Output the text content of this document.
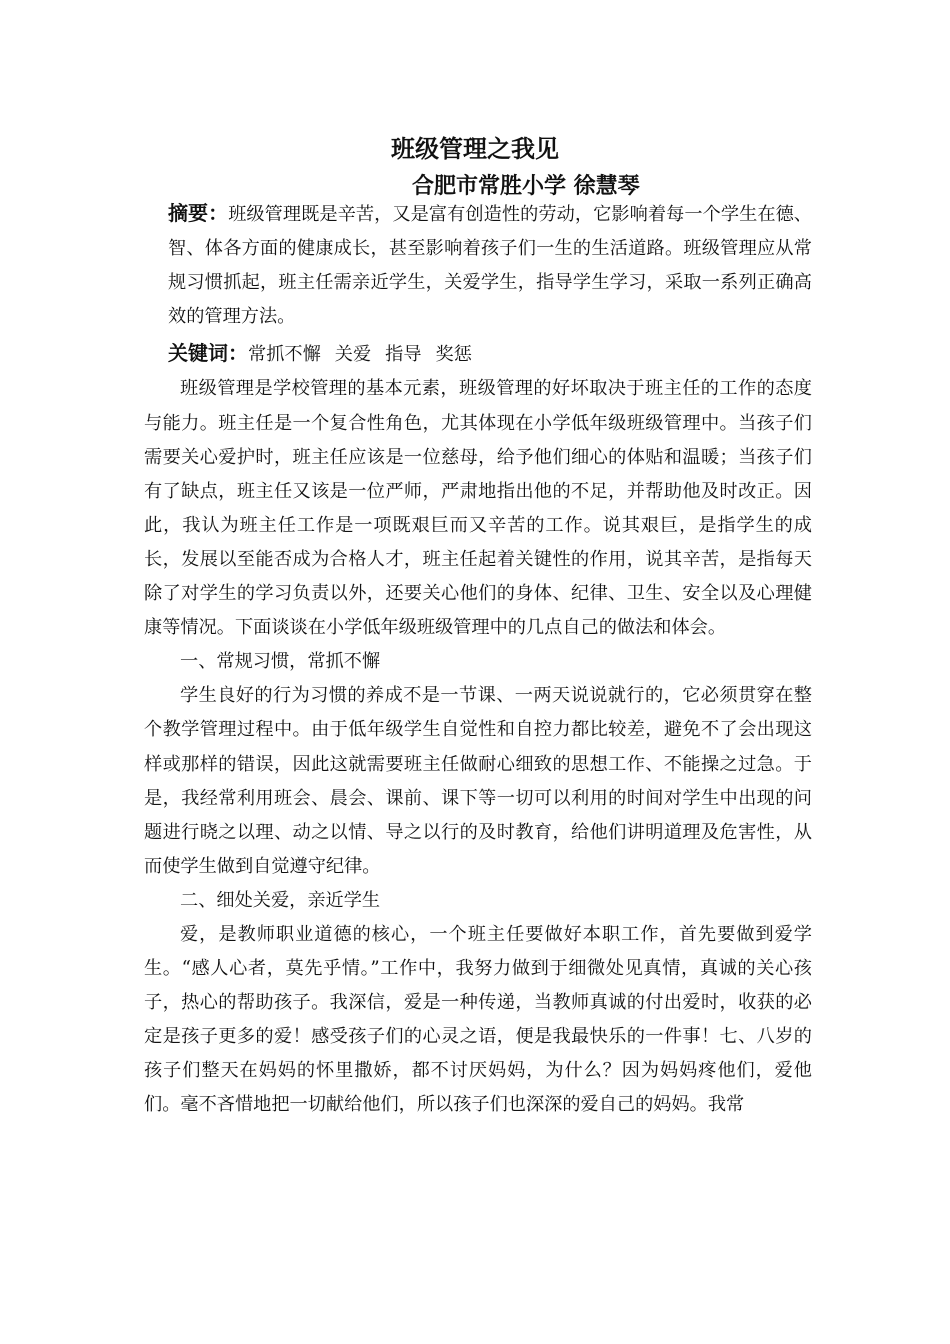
班级管理之我见
合肥市常胜小学 徐慧琴

摘要：班级管理既是辛苦，又是富有创造性的劳动，它影响着每一个学生在德、智、体各方面的健康成长，甚至影响着孩子们一生的生活道路。班级管理应从常规习惯抓起，班主任需亲近学生，关爱学生，指导学生学习，采取一系列正确高效的管理方法。

关键词：常抓不懈 关爱 指导 奖惩

班级管理是学校管理的基本元素，班级管理的好坏取决于班主任的工作的态度与能力。班主任是一个复合性角色，尤其体现在小学低年级班级管理中。当孩子们需要关心爱护时，班主任应该是一位慈母，给予他们细心的体贴和温暖；当孩子们有了缺点，班主任又该是一位严师，严肃地指出他的不足，并帮助他及时改正。因此，我认为班主任工作是一项既艰巨而又辛苦的工作。说其艰巨，是指学生的成长，发展以至能否成为合格人才，班主任起着关键性的作用，说其辛苦，是指每天除了对学生的学习负责以外，还要关心他们的身体、纪律、卫生、安全以及心理健康等情况。下面谈谈在小学低年级班级管理中的几点自己的做法和体会。

一、常规习惯，常抓不懈

学生良好的行为习惯的养成不是一节课、一两天说说就行的，它必须贯穿在整个教学管理过程中。由于低年级学生自觉性和自控力都比较差，避免不了会出现这样或那样的错误，因此这就需要班主任做耐心细致的思想工作、不能操之过急。于是，我经常利用班会、晨会、课前、课下等一切可以利用的时间对学生中出现的问题进行晓之以理、动之以情、导之以行的及时教育，给他们讲明道理及危害性，从而使学生做到自觉遵守纪律。

二、细处关爱，亲近学生

爱，是教师职业道德的核心，一个班主任要做好本职工作，首先要做到爱学生。“感人心者，莫先乎情。”工作中，我努力做到于细微处见真情，真诚的关心孩子，热心的帮助孩子。我深信，爱是一种传递，当教师真诚的付出爱时，收获的必定是孩子更多的爱！感受孩子们的心灵之语，便是我最快乐的一件事！七、八岁的孩子们整天在妈妈的怀里撒娇，都不讨厌妈妈，为什么？因为妈妈疼他们，爱他们。毫不吝惜地把一切献给他们，所以孩子们也深深的爱自己的妈妈。我常
